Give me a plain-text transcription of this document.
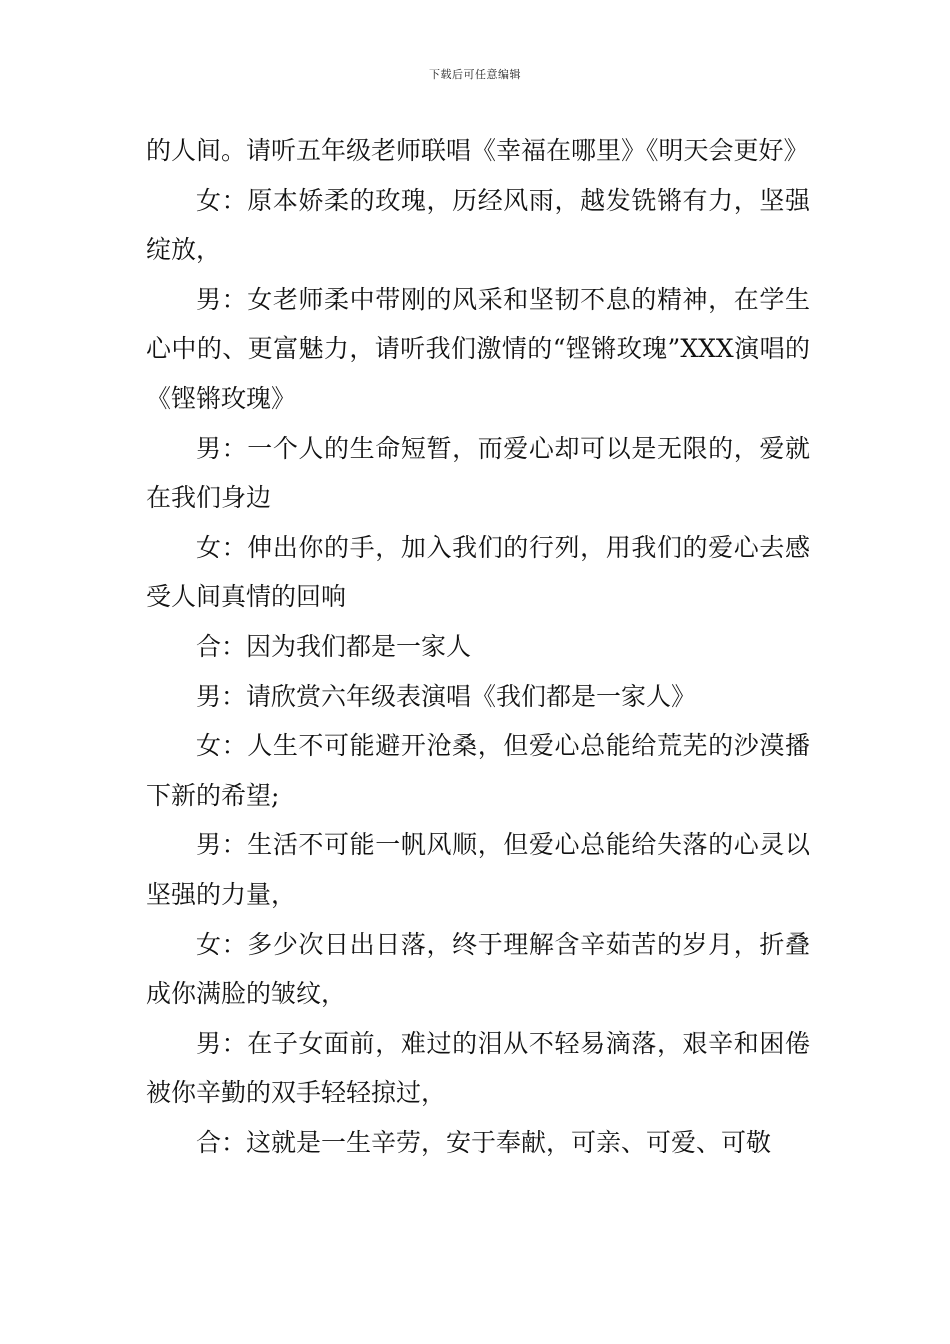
下载后可任意编辑

的人间。请听五年级老师联唱《幸福在哪里》《明天会更好》

女：原本娇柔的玫瑰，历经风雨，越发铣锵有力，坚强绽放，

男：女老师柔中带刚的风采和坚韧不息的精神，在学生心中的、更富魅力，请听我们激情的“铿锵玫瑰”XXX演唱的《铿锵玫瑰》

男：一个人的生命短暂，而爱心却可以是无限的，爱就在我们身边

女：伸出你的手，加入我们的行列，用我们的爱心去感受人间真情的回响

合：因为我们都是一家人

男：请欣赏六年级表演唱《我们都是一家人》

女：人生不可能避开沧桑，但爱心总能给荒芜的沙漠播下新的希望;

男：生活不可能一帆风顺，但爱心总能给失落的心灵以坚强的力量，

女：多少次日出日落，终于理解含辛茹苦的岁月，折叠成你满脸的皱纹，

男：在子女面前，难过的泪从不轻易滴落，艰辛和困倦被你辛勤的双手轻轻掠过，

合：这就是一生辛劳，安于奉献，可亲、可爱、可敬
